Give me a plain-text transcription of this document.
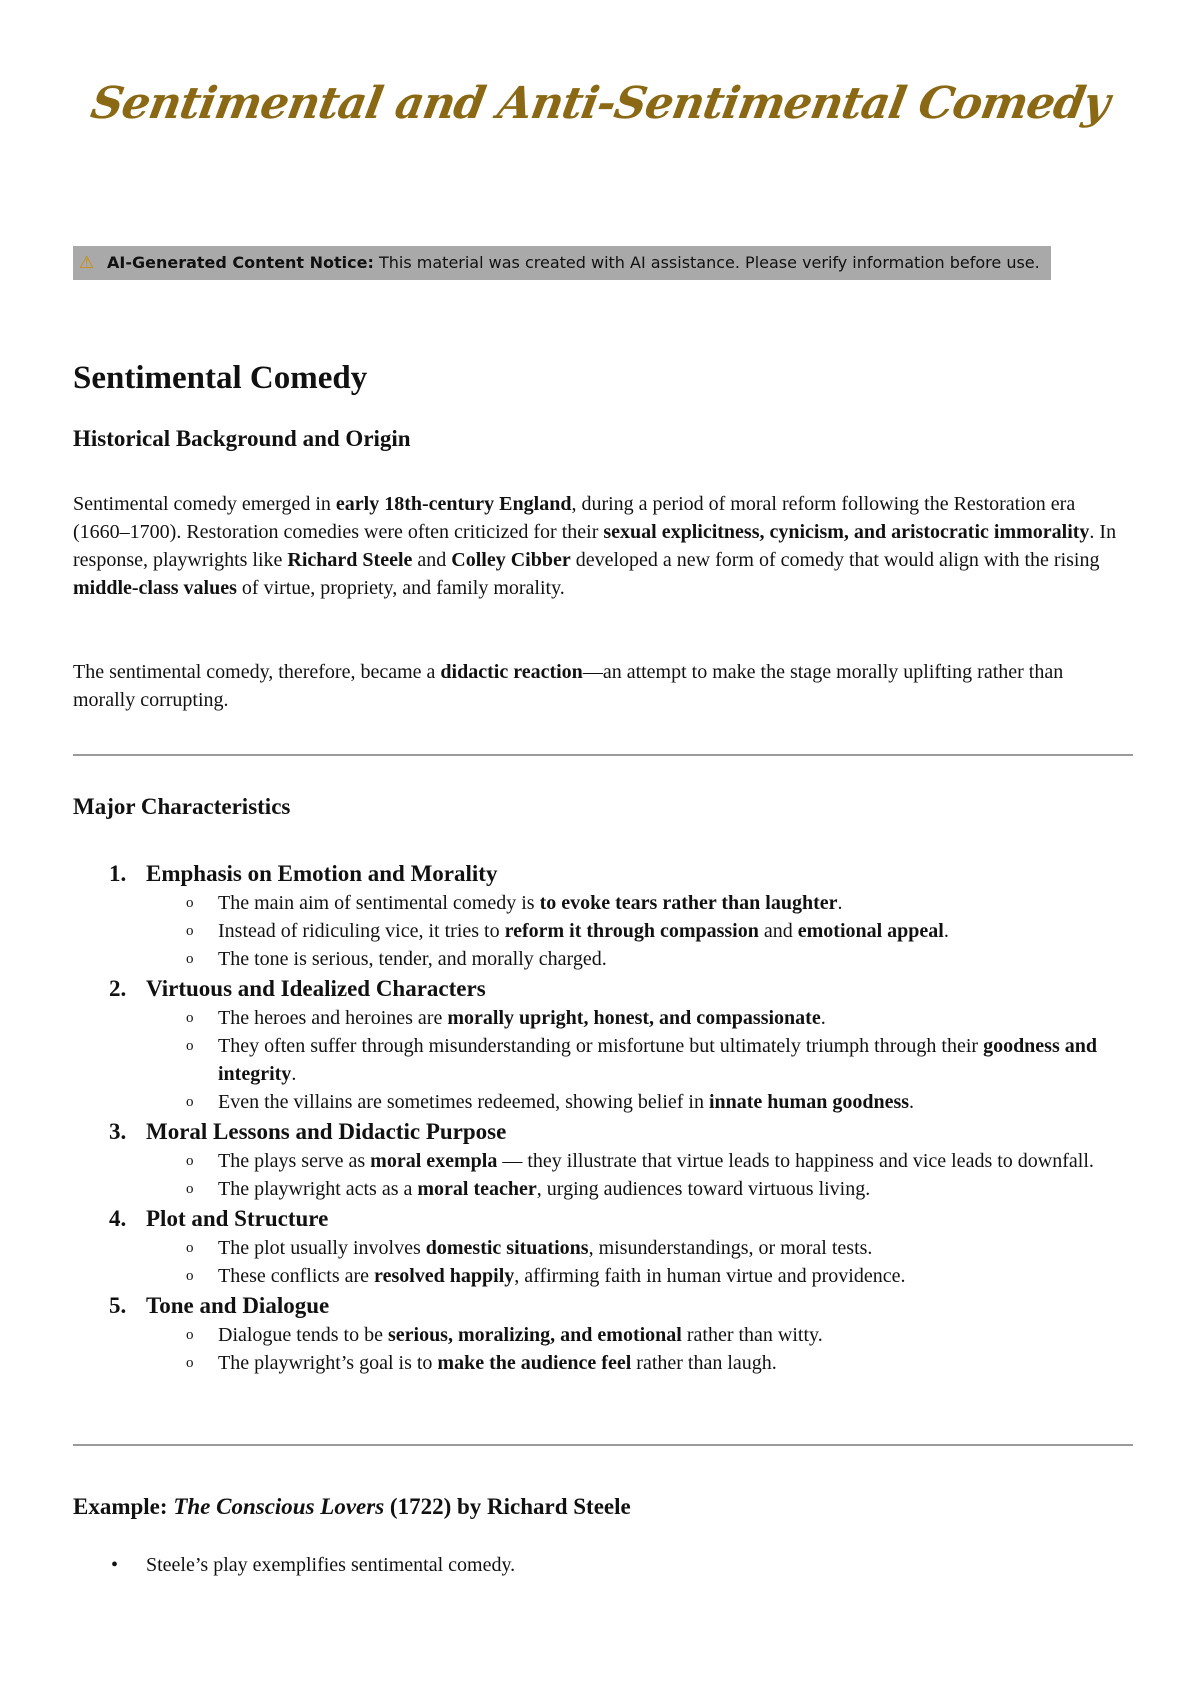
Sentimental and Anti-Sentimental Comedy
⚠ AI-Generated Content Notice: This material was created with AI assistance. Please verify information before use.
Sentimental Comedy
Historical Background and Origin

Sentimental comedy emerged in early 18th-century England, during a period of moral reform following the Restoration era (1660–1700). Restoration comedies were often criticized for their sexual explicitness, cynicism, and aristocratic immorality. In response, playwrights like Richard Steele and Colley Cibber developed a new form of comedy that would align with the rising middle-class values of virtue, propriety, and family morality.

The sentimental comedy, therefore, became a didactic reaction—an attempt to make the stage morally uplifting rather than morally corrupting.

Major Characteristics
1. Emphasis on Emotion and Morality
o The main aim of sentimental comedy is to evoke tears rather than laughter.
o Instead of ridiculing vice, it tries to reform it through compassion and emotional appeal.
o The tone is serious, tender, and morally charged.
2. Virtuous and Idealized Characters
o The heroes and heroines are morally upright, honest, and compassionate.
o They often suffer through misunderstanding or misfortune but ultimately triumph through their goodness and integrity.
o Even the villains are sometimes redeemed, showing belief in innate human goodness.
3. Moral Lessons and Didactic Purpose
o The plays serve as moral exempla — they illustrate that virtue leads to happiness and vice leads to downfall.
o The playwright acts as a moral teacher, urging audiences toward virtuous living.
4. Plot and Structure
o The plot usually involves domestic situations, misunderstandings, or moral tests.
o These conflicts are resolved happily, affirming faith in human virtue and providence.
5. Tone and Dialogue
o Dialogue tends to be serious, moralizing, and emotional rather than witty.
o The playwright’s goal is to make the audience feel rather than laugh.
Example: The Conscious Lovers (1722) by Richard Steele
• Steele’s play exemplifies sentimental comedy.
